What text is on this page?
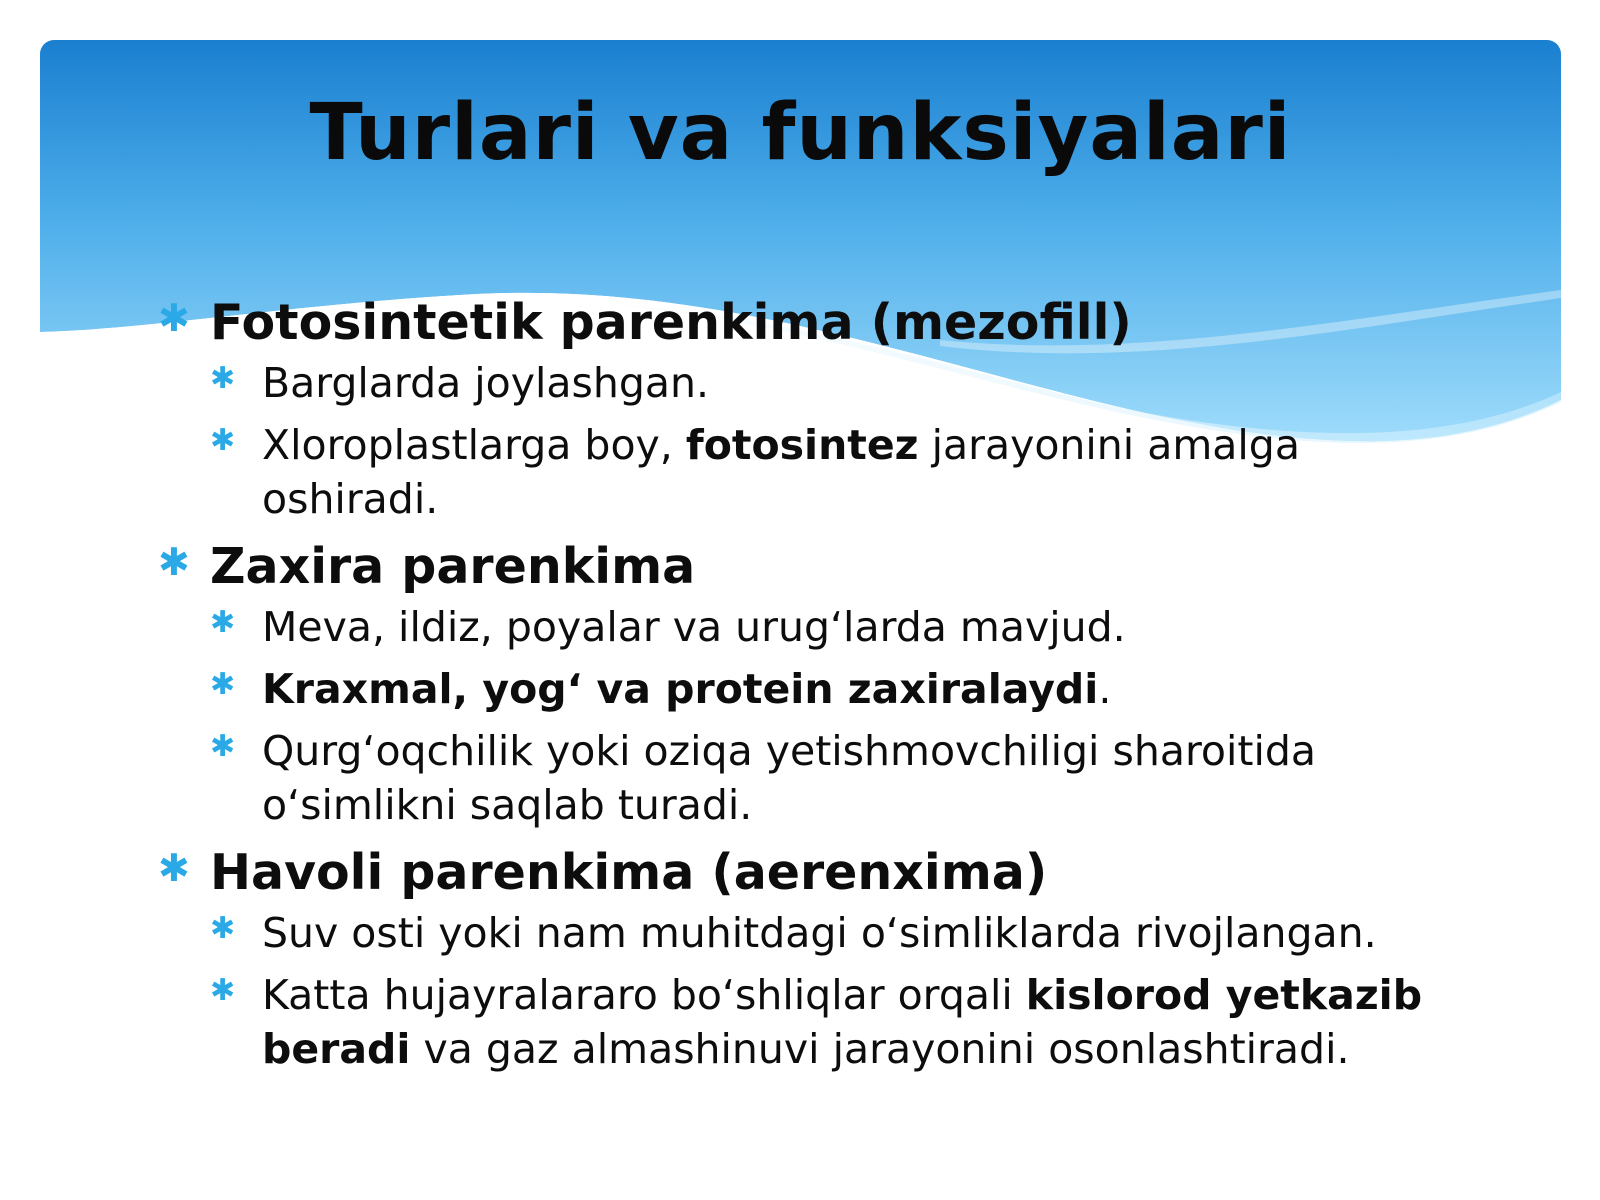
Turlari va funksiyalari
✱ Fotosintetik parenkima (mezofill)
✱ Barglarda joylashgan.
✱ Xloroplastlarga boy, fotosintez jarayonini amalga oshiradi.
✱ Zaxira parenkima
✱ Meva, ildiz, poyalar va urug‘larda mavjud.
✱ Kraxmal, yog‘ va protein zaxiralaydi.
✱ Qurg‘oqchilik yoki oziqa yetishmovchiligi sharoitida o‘simlikni saqlab turadi.
✱ Havoli parenkima (aerenxima)
✱ Suv osti yoki nam muhitdagi o‘simliklarda rivojlangan.
✱ Katta hujayralararo bo‘shliqlar orqali kislorod yetkazib beradi va gaz almashinuvi jarayonini osonlashtiradi.
